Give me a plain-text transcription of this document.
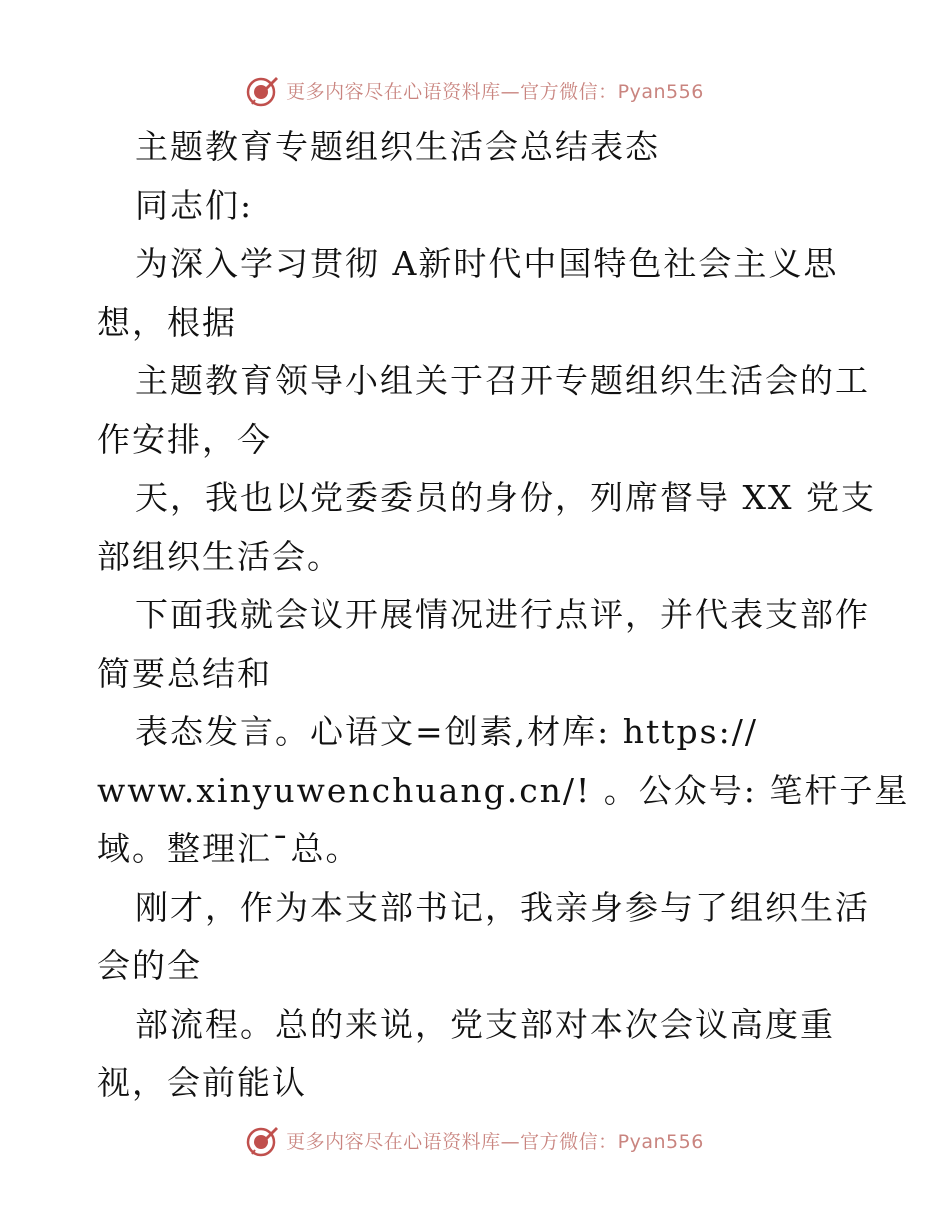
更多内容尽在心语资料库—官方微信：Pyan556
主题教育专题组织生活会总结表态
同志们:
为深入学习贯彻 A新时代中国特色社会主义思
想，根据
主题教育领导小组关于召开专题组织生活会的工
作安排，今
天，我也以党委委员的身份，列席督导 XX 党支
部组织生活会。
下面我就会议开展情况进行点评，并代表支部作
简要总结和
表态发言。心语文=创素,材库: https://
www.xinyuwenchuang.cn/! 。公众号: 笔杆子星
域。整理汇¯总。
刚才，作为本支部书记，我亲身参与了组织生活
会的全
部流程。总的来说，党支部对本次会议高度重
视，会前能认
更多内容尽在心语资料库—官方微信：Pyan556
